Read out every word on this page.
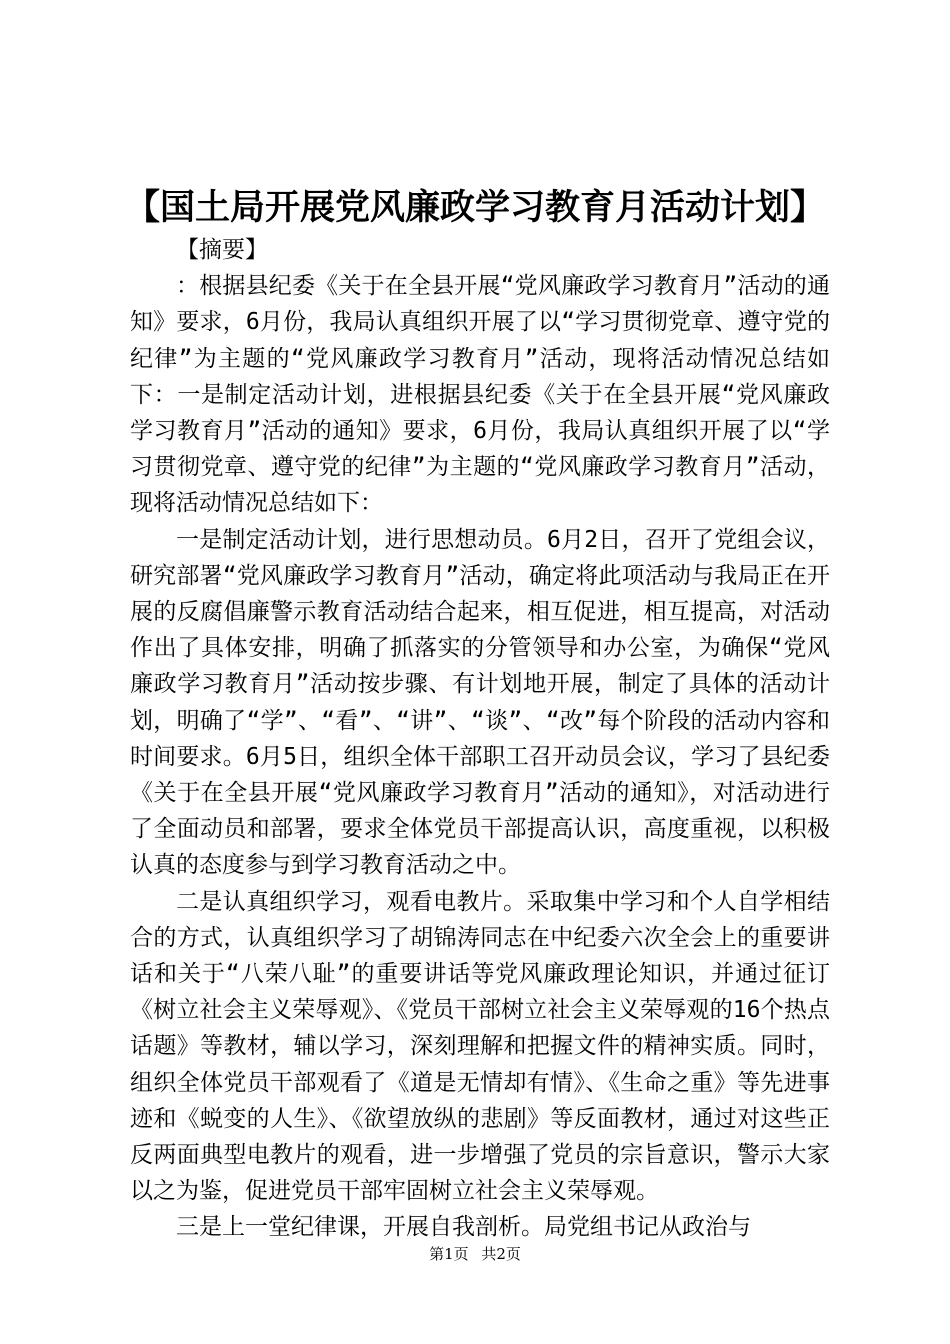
【国土局开展党风廉政学习教育月活动计划】

【摘要】

：根据县纪委《关于在全县开展“党风廉政学习教育月”活动的通知》要求，6月份，我局认真组织开展了以“学习贯彻党章、遵守党的纪律”为主题的“党风廉政学习教育月”活动，现将活动情况总结如下：一是制定活动计划，进根据县纪委《关于在全县开展“党风廉政学习教育月”活动的通知》要求，6月份，我局认真组织开展了以“学习贯彻党章、遵守党的纪律”为主题的“党风廉政学习教育月”活动，现将活动情况总结如下：

一是制定活动计划，进行思想动员。6月2日，召开了党组会议，研究部署“党风廉政学习教育月”活动，确定将此项活动与我局正在开展的反腐倡廉警示教育活动结合起来，相互促进，相互提高，对活动作出了具体安排，明确了抓落实的分管领导和办公室，为确保“党风廉政学习教育月”活动按步骤、有计划地开展，制定了具体的活动计划，明确了“学”、“看”、“讲”、“谈”、“改”每个阶段的活动内容和时间要求。6月5日，组织全体干部职工召开动员会议，学习了县纪委《关于在全县开展“党风廉政学习教育月”活动的通知》，对活动进行了全面动员和部署，要求全体党员干部提高认识，高度重视，以积极认真的态度参与到学习教育活动之中。

二是认真组织学习，观看电教片。采取集中学习和个人自学相结合的方式，认真组织学习了胡锦涛同志在中纪委六次全会上的重要讲话和关于“八荣八耻”的重要讲话等党风廉政理论知识，并通过征订《树立社会主义荣辱观》、《党员干部树立社会主义荣辱观的16个热点话题》等教材，辅以学习，深刻理解和把握文件的精神实质。同时，组织全体党员干部观看了《道是无情却有情》、《生命之重》等先进事迹和《蜕变的人生》、《欲望放纵的悲剧》等反面教材，通过对这些正反两面典型电教片的观看，进一步增强了党员的宗旨意识，警示大家以之为鉴，促进党员干部牢固树立社会主义荣辱观。

三是上一堂纪律课，开展自我剖析。局党组书记从政治与

第1页 共2页
